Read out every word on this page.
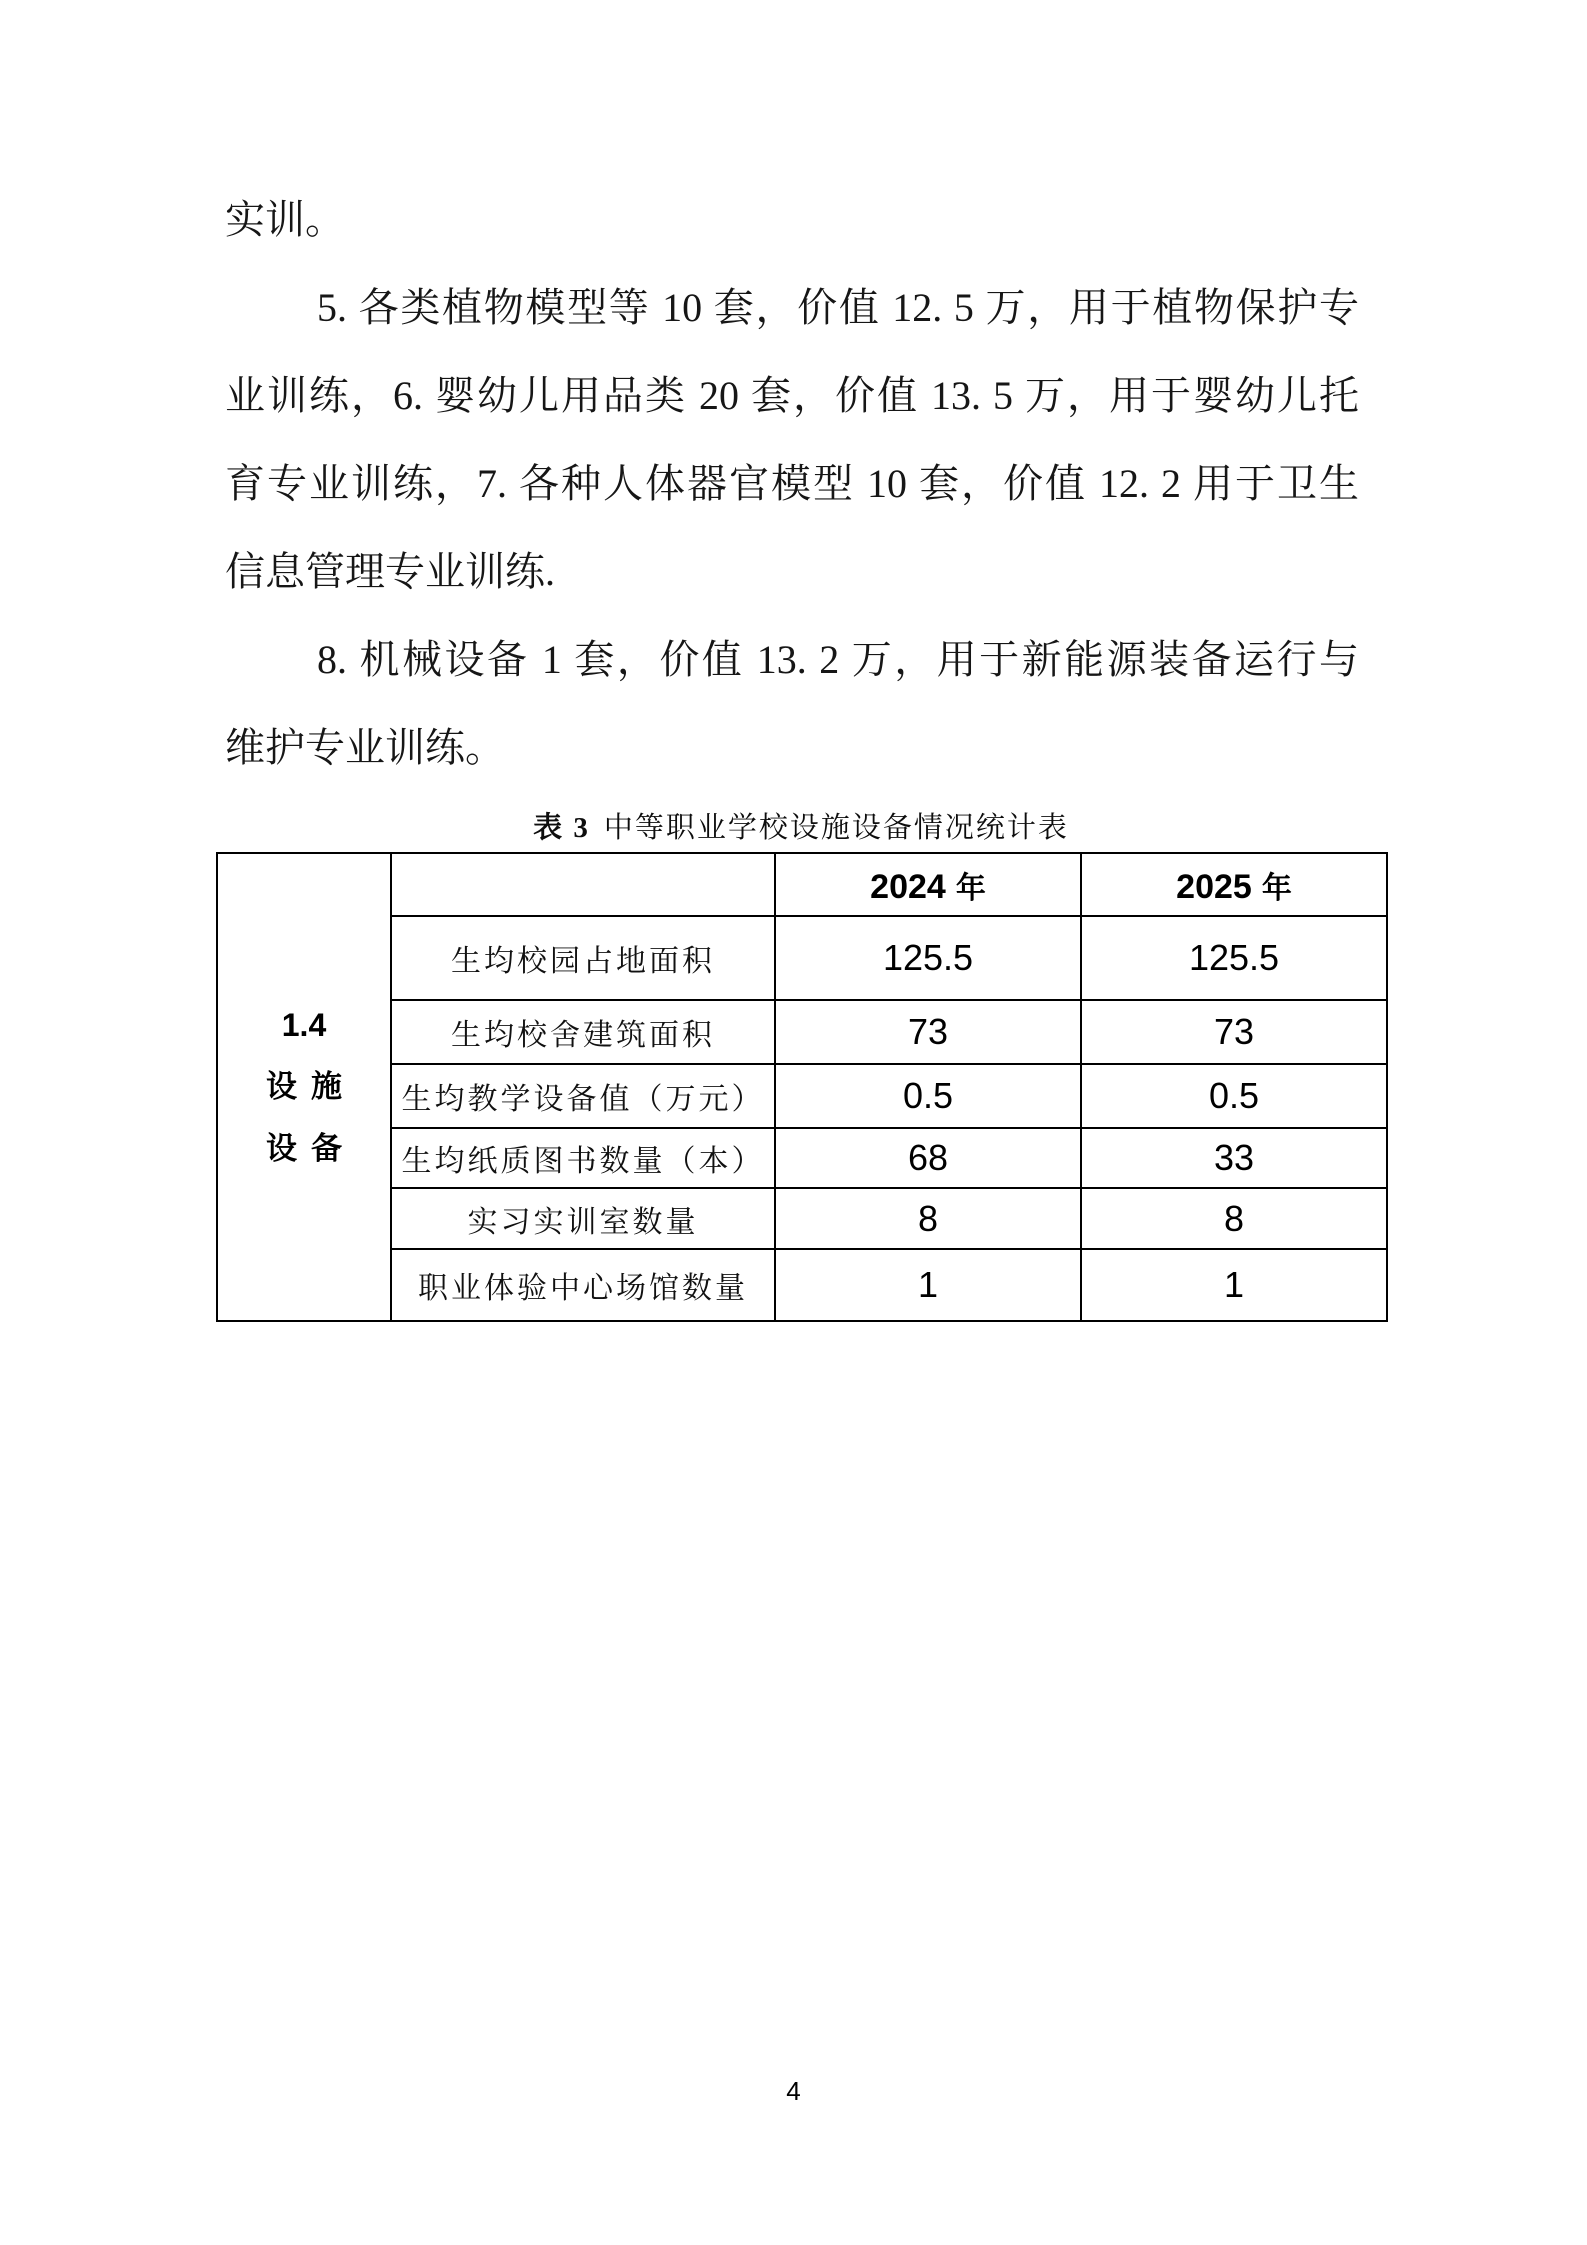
实训。
5. 各类植物模型等 10 套，价值 12. 5 万，用于植物保护专
业训练，6. 婴幼儿用品类 20 套，价值 13. 5 万，用于婴幼儿托
育专业训练，7. 各种人体器官模型 10 套，价值 12. 2 用于卫生
信息管理专业训练.
8. 机械设备 1 套，价值 13. 2 万，用于新能源装备运行与
维护专业训练。
表 3 中等职业学校设施设备情况统计表
1.4
设施
设备		2024 年	2025 年
	生均校园占地面积	125.5	125.5
	生均校舍建筑面积	73	73
	生均教学设备值（万元）	0.5	0.5
	生均纸质图书数量（本）	68	33
	实习实训室数量	8	8
	职业体验中心场馆数量	1	1
4
